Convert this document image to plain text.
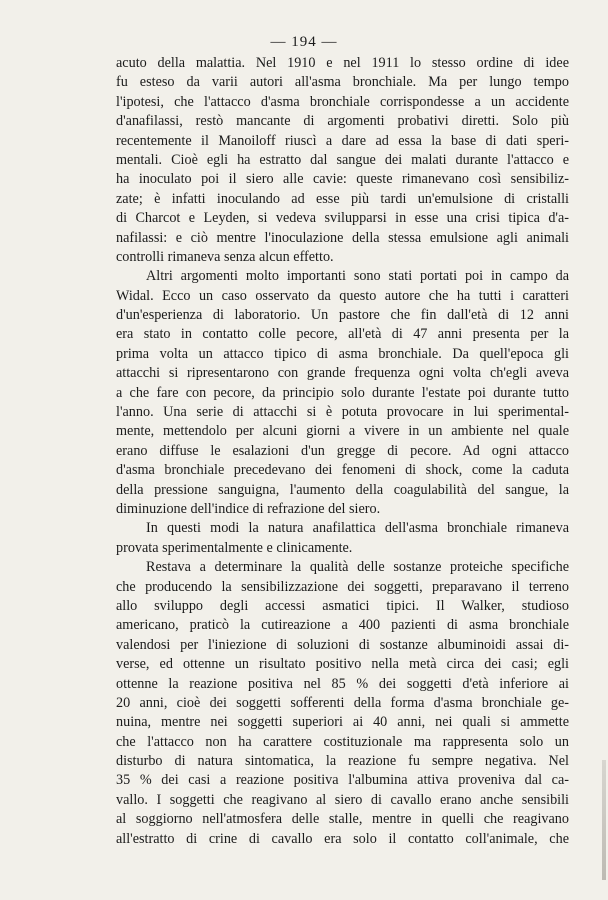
— 194 —
acuto della malattia. Nel 1910 e nel 1911 lo stesso ordine di idee
fu esteso da varii autori all'asma bronchiale. Ma per lungo tempo
l'ipotesi, che l'attacco d'asma bronchiale corrispondesse a un accidente
d'anafilassi, restò mancante di argomenti probativi diretti. Solo più
recentemente il Manoiloff riuscì a dare ad essa la base di dati speri-
mentali. Cioè egli ha estratto dal sangue dei malati durante l'attacco e
ha inoculato poi il siero alle cavie: queste rimanevano così sensibiliz-
zate; è infatti inoculando ad esse più tardi un'emulsione di cristalli
di Charcot e Leyden, si vedeva svilupparsi in esse una crisi tipica d'a-
nafilassi: e ciò mentre l'inoculazione della stessa emulsione agli animali
controlli rimaneva senza alcun effetto.
Altri argomenti molto importanti sono stati portati poi in campo da
Widal. Ecco un caso osservato da questo autore che ha tutti i caratteri
d'un'esperienza di laboratorio. Un pastore che fin dall'età di 12 anni
era stato in contatto colle pecore, all'età di 47 anni presenta per la
prima volta un attacco tipico di asma bronchiale. Da quell'epoca gli
attacchi si ripresentarono con grande frequenza ogni volta ch'egli aveva
a che fare con pecore, da principio solo durante l'estate poi durante tutto
l'anno. Una serie di attacchi si è potuta provocare in lui sperimental-
mente, mettendolo per alcuni giorni a vivere in un ambiente nel quale
erano diffuse le esalazioni d'un gregge di pecore. Ad ogni attacco
d'asma bronchiale precedevano dei fenomeni di shock, come la caduta
della pressione sanguigna, l'aumento della coagulabilità del sangue, la
diminuzione dell'indice di refrazione del siero.
In questi modi la natura anafilattica dell'asma bronchiale rimaneva
provata sperimentalmente e clinicamente.
Restava a determinare la qualità delle sostanze proteiche specifiche
che producendo la sensibilizzazione dei soggetti, preparavano il terreno
allo sviluppo degli accessi asmatici tipici. Il Walker, studioso
americano, praticò la cutireazione a 400 pazienti di asma bronchiale
valendosi per l'iniezione di soluzioni di sostanze albuminoidi assai di-
verse, ed ottenne un risultato positivo nella metà circa dei casi; egli
ottenne la reazione positiva nel 85 % dei soggetti d'età inferiore ai
20 anni, cioè dei soggetti sofferenti della forma d'asma bronchiale ge-
nuina, mentre nei soggetti superiori ai 40 anni, nei quali si ammette
che l'attacco non ha carattere costituzionale ma rappresenta solo un
disturbo di natura sintomatica, la reazione fu sempre negativa. Nel
35 % dei casi a reazione positiva l'albumina attiva proveniva dal ca-
vallo. I soggetti che reagivano al siero di cavallo erano anche sensibili
al soggiorno nell'atmosfera delle stalle, mentre in quelli che reagivano
all'estratto di crine di cavallo era solo il contatto coll'animale, che
